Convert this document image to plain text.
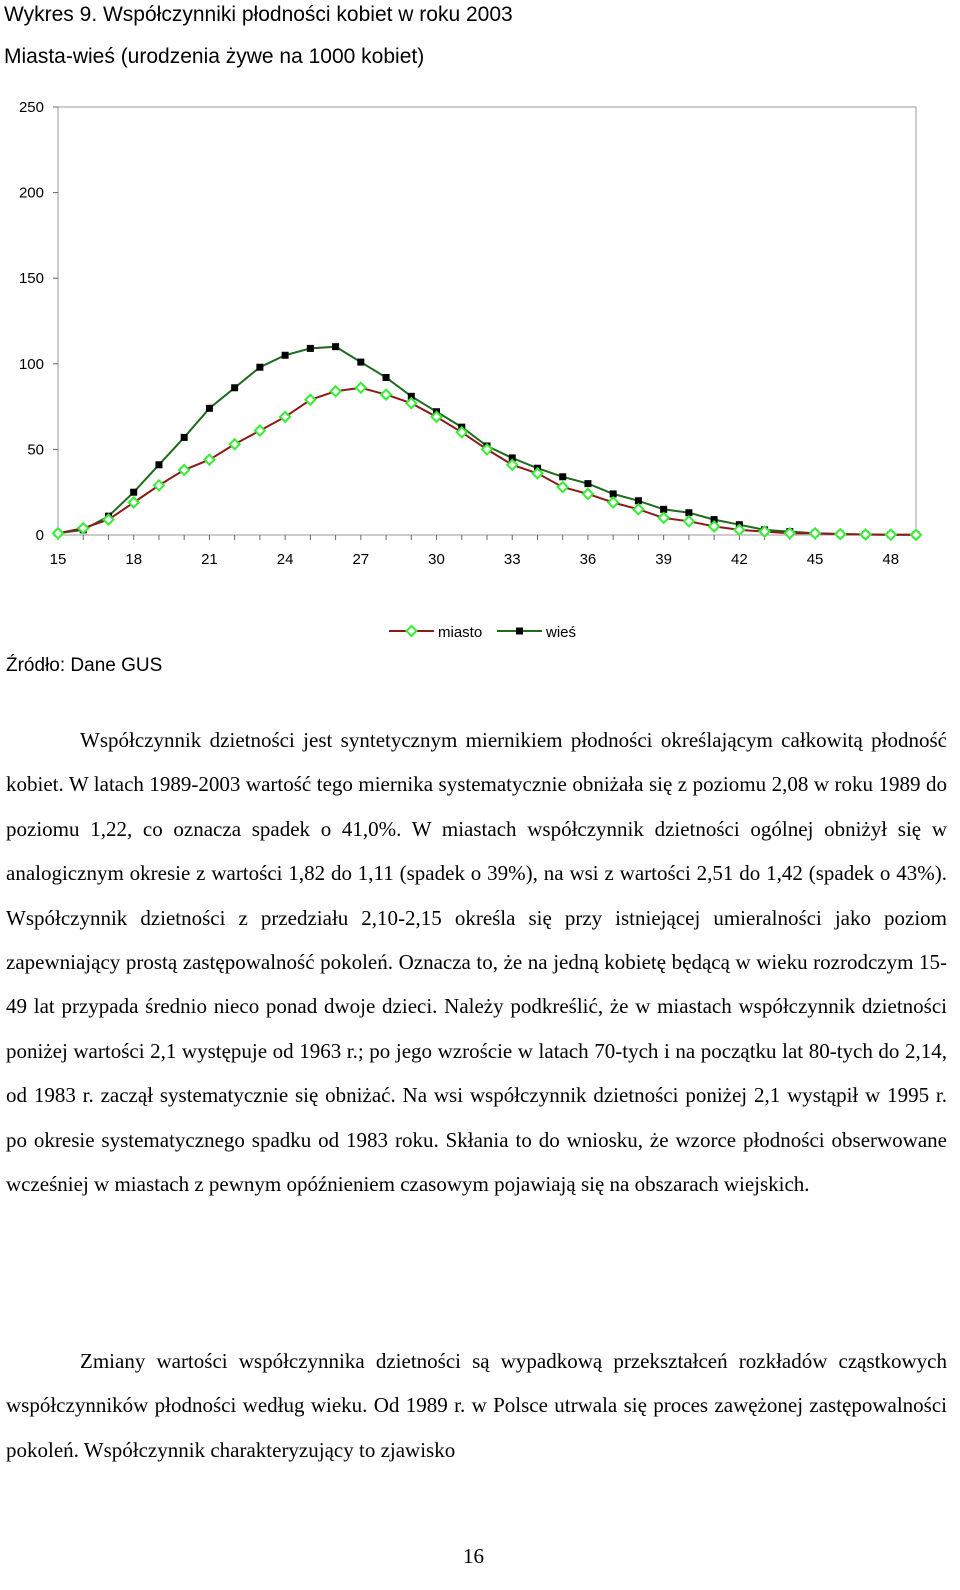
Wykres 9. Współczynniki płodności kobiet w roku 2003
Miasta-wieś (urodzenia żywe na 1000 kobiet)
0
50
100
150
200
250
15	18	21	24	27	30	33	36	39	42	45	48
miasto	wieś
Źródło: Dane GUS

Współczynnik dzietności jest syntetycznym miernikiem płodności określającym całkowitą płodność kobiet. W latach 1989-2003 wartość tego miernika systematycznie obniżała się z poziomu 2,08 w roku 1989 do poziomu 1,22, co oznacza spadek o 41,0%. W miastach współczynnik dzietności ogólnej obniżył się w analogicznym okresie z wartości 1,82 do 1,11 (spadek o 39%), na wsi z wartości 2,51 do 1,42 (spadek o 43%). Współczynnik dzietności z przedziału 2,10-2,15 określa się przy istniejącej umieralności jako poziom zapewniający prostą zastępowalność pokoleń. Oznacza to, że na jedną kobietę będącą w wieku rozrodczym 15-49 lat przypada średnio nieco ponad dwoje dzieci. Należy podkreślić, że w miastach współczynnik dzietności poniżej wartości 2,1 występuje od 1963 r.; po jego wzroście w latach 70-tych i na początku lat 80-tych do 2,14, od 1983 r. zaczął systematycznie się obniżać. Na wsi współczynnik dzietności poniżej 2,1 wystąpił w 1995 r. po okresie systematycznego spadku od 1983 roku. Skłania to do wniosku, że wzorce płodności obserwowane wcześniej w miastach z pewnym opóźnieniem czasowym pojawiają się na obszarach wiejskich.

Zmiany wartości współczynnika dzietności są wypadkową przekształceń rozkładów cząstkowych współczynników płodności według wieku. Od 1989 r. w Polsce utrwala się proces zawężonej zastępowalności pokoleń. Współczynnik charakteryzujący to zjawisko

16
